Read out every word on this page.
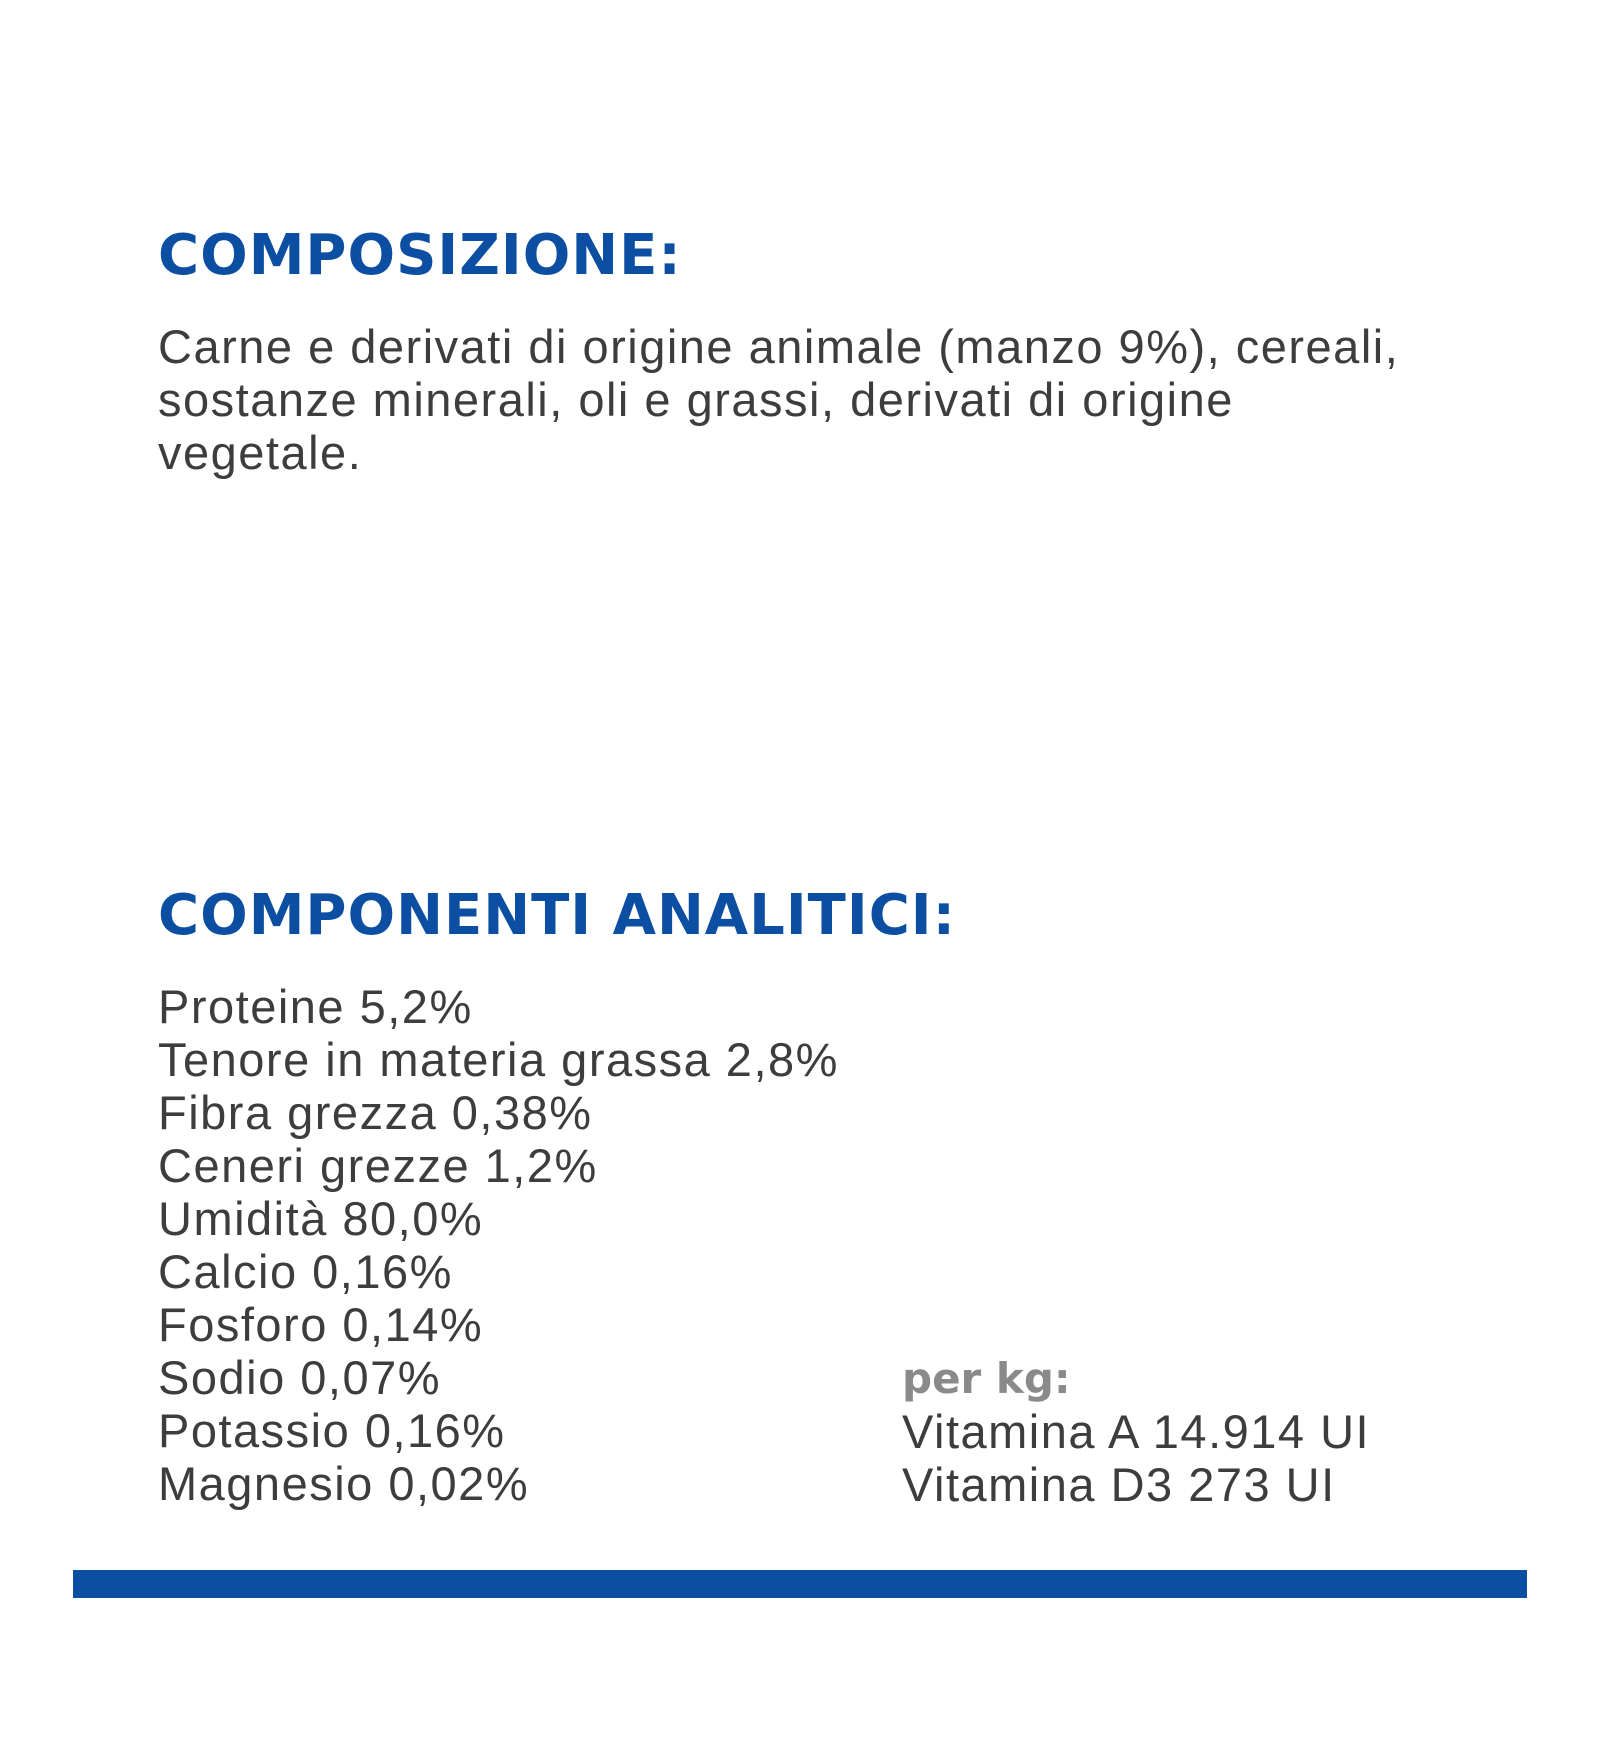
COMPOSIZIONE:

Carne e derivati di origine animale (manzo 9%), cereali, sostanze minerali, oli e grassi, derivati di origine vegetale.

COMPONENTI ANALITICI:
Proteine 5,2%
Tenore in materia grassa 2,8%
Fibra grezza 0,38%
Ceneri grezze 1,2%
Umidità 80,0%
Calcio 0,16%
Fosforo 0,14%
Sodio 0,07%
Potassio 0,16%
Magnesio 0,02%
per kg:
Vitamina A 14.914 UI
Vitamina D3 273 UI
